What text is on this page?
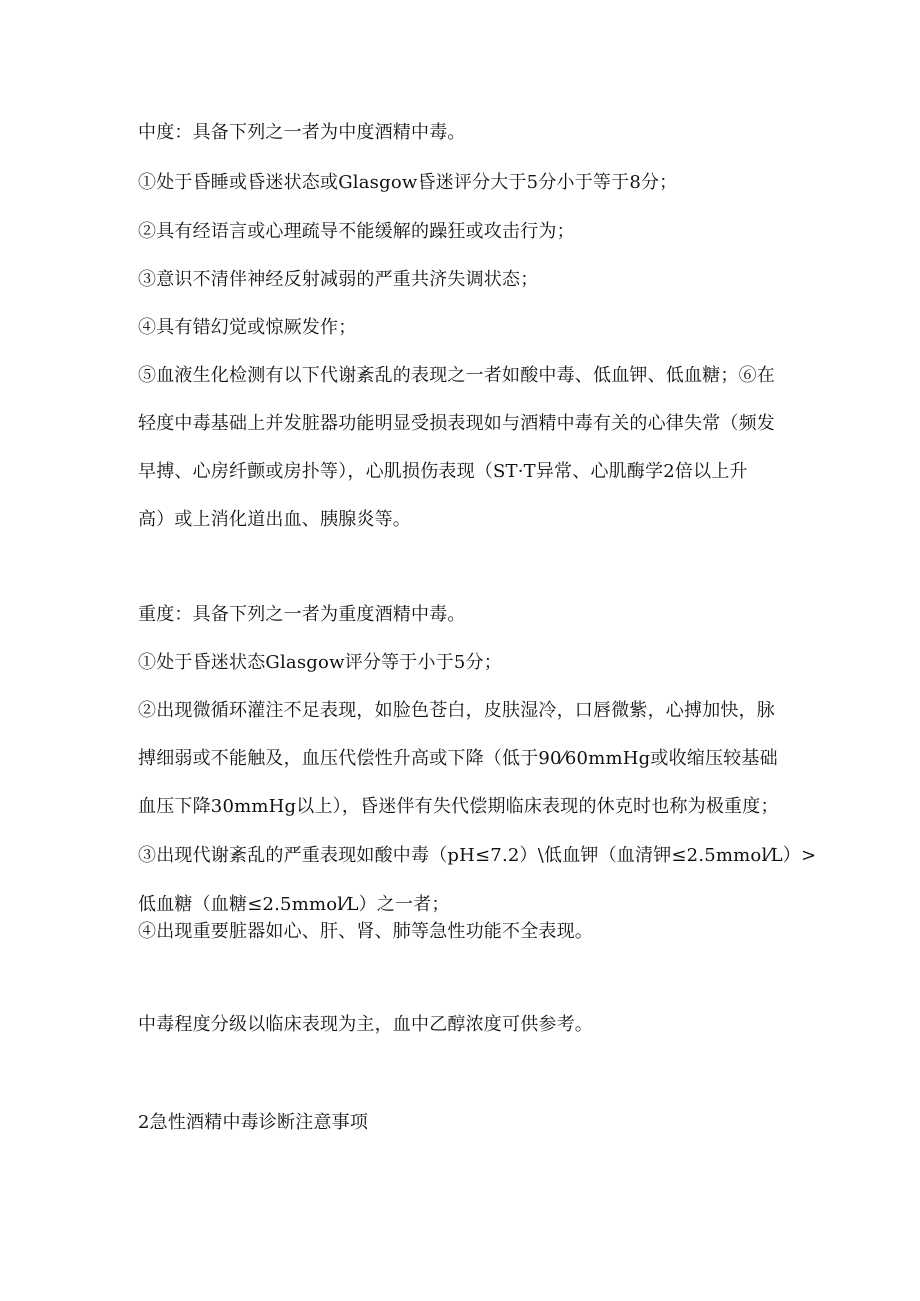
中度：具备下列之一者为中度酒精中毒。
①处于昏睡或昏迷状态或Glasgow昏迷评分大于5分小于等于8分；
②具有经语言或心理疏导不能缓解的躁狂或攻击行为；
③意识不清伴神经反射减弱的严重共济失调状态；
④具有错幻觉或惊厥发作；
⑤血液生化检测有以下代谢紊乱的表现之一者如酸中毒、低血钾、低血糖；⑥在
轻度中毒基础上并发脏器功能明显受损表现如与酒精中毒有关的心律失常（频发
早搏、心房纤颤或房扑等），心肌损伤表现（ST·T异常、心肌酶学2倍以上升
高）或上消化道出血、胰腺炎等。
重度：具备下列之一者为重度酒精中毒。
①处于昏迷状态Glasgow评分等于小于5分；
②出现微循环灌注不足表现，如脸色苍白，皮肤湿冷，口唇微紫，心搏加快，脉
搏细弱或不能触及，血压代偿性升高或下降（低于90⁄60mmHg或收缩压较基础
血压下降30mmHg以上），昏迷伴有失代偿期临床表现的休克时也称为极重度；
③出现代谢紊乱的严重表现如酸中毒（pH≤7.2）\低血钾（血清钾≤2.5mmol⁄L）>
低血糖（血糖≤2.5mmol⁄L）之一者；
④出现重要脏器如心、肝、肾、肺等急性功能不全表现。
中毒程度分级以临床表现为主，血中乙醇浓度可供参考。
2急性酒精中毒诊断注意事项
